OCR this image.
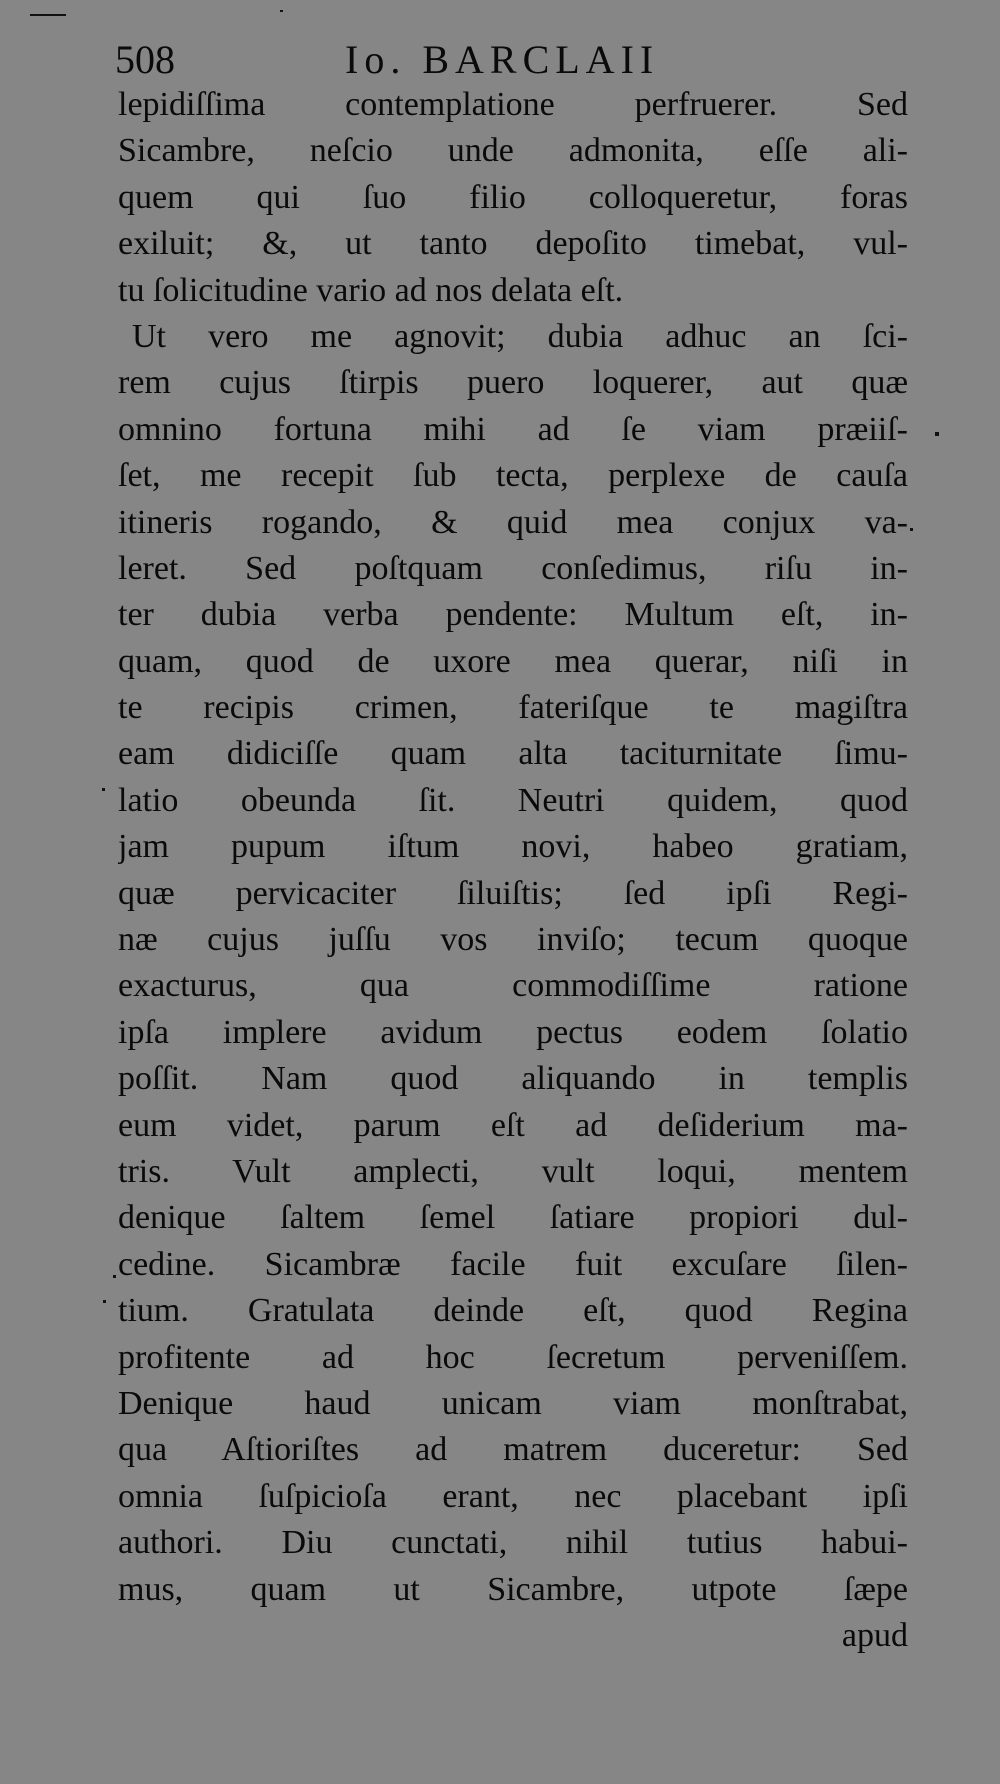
508	Io. BARCLAII
lepidiſſima contemplatione perfruerer. Sed
Sicambre, neſcio unde admonita, eſſe ali-
quem qui ſuo filio colloqueretur, foras
exiluit; &, ut tanto depoſito timebat, vul-
tu ſolicitudine vario ad nos delata eſt.
Ut vero me agnovit; dubia adhuc an ſci-
rem cujus ſtirpis puero loquerer, aut quæ
omnino fortuna mihi ad ſe viam præiiſ-
ſet, me recepit ſub tecta, perplexe de cauſa
itineris rogando, & quid mea conjux va-
leret. Sed poſtquam conſedimus, riſu in-
ter dubia verba pendente: Multum eſt, in-
quam, quod de uxore mea querar, niſi in
te recipis crimen, fateriſque te magiſtra
eam didiciſſe quam alta taciturnitate ſimu-
latio obeunda ſit. Neutri quidem, quod
jam pupum iſtum novi, habeo gratiam,
quæ pervicaciter ſiluiſtis; ſed ipſi Regi-
næ cujus juſſu vos inviſo; tecum quoque
exacturus, qua commodiſſime ratione
ipſa implere avidum pectus eodem ſolatio
poſſit. Nam quod aliquando in templis
eum videt, parum eſt ad deſiderium ma-
tris. Vult amplecti, vult loqui, mentem
denique ſaltem ſemel ſatiare propiori dul-
cedine. Sicambræ facile fuit excuſare ſilen-
tium. Gratulata deinde eſt, quod Regina
profitente ad hoc ſecretum perveniſſem.
Denique haud unicam viam monſtrabat,
qua Aſtioriſtes ad matrem duceretur: Sed
omnia ſuſpicioſa erant, nec placebant ipſi
authori. Diu cunctati, nihil tutius habui-
mus, quam ut Sicambre, utpote ſæpe
apud
